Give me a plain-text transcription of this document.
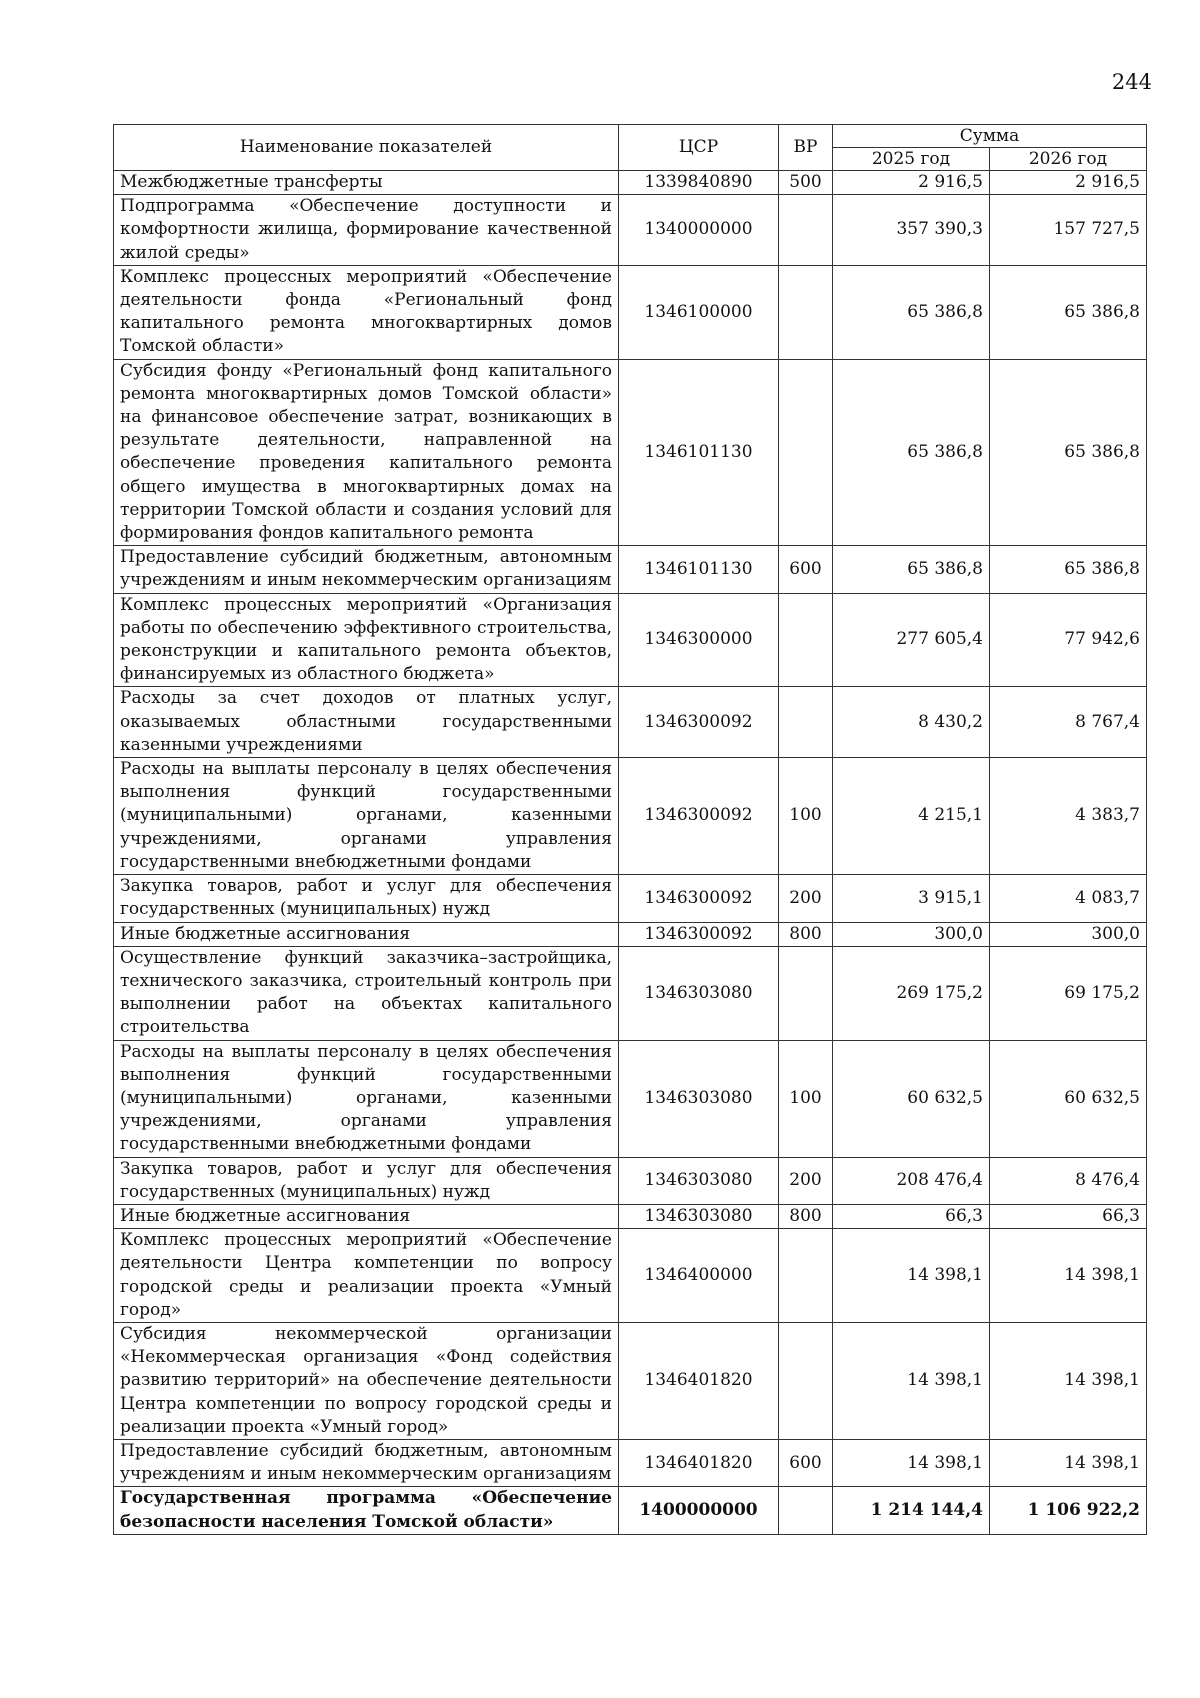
244
Наименование показателей	ЦСР	ВР	Сумма	
			2025 год	2026 год
Межбюджетные трансферты	1339840890	500	2 916,5	2 916,5
Подпрограмма «Обеспечение доступности и комфортности жилища, формирование качественной жилой среды»	1340000000		357 390,3	157 727,5
Комплекс процессных мероприятий «Обеспечение деятельности фонда «Региональный фонд капитального ремонта многоквартирных домов Томской области»	1346100000		65 386,8	65 386,8
Субсидия фонду «Региональный фонд капитального ремонта многоквартирных домов Томской области» на финансовое обеспечение затрат, возникающих в результате деятельности, направленной на обеспечение проведения капитального ремонта общего имущества в многоквартирных домах на территории Томской области и создания условий для формирования фондов капитального ремонта	1346101130		65 386,8	65 386,8
Предоставление субсидий бюджетным, автономным учреждениям и иным некоммерческим организациям	1346101130	600	65 386,8	65 386,8
Комплекс процессных мероприятий «Организация работы по обеспечению эффективного строительства, реконструкции и капитального ремонта объектов, финансируемых из областного бюджета»	1346300000		277 605,4	77 942,6
Расходы за счет доходов от платных услуг, оказываемых областными государственными казенными учреждениями	1346300092		8 430,2	8 767,4
Расходы на выплаты персоналу в целях обеспечения выполнения функций государственными (муниципальными) органами, казенными учреждениями, органами управления государственными внебюджетными фондами	1346300092	100	4 215,1	4 383,7
Закупка товаров, работ и услуг для обеспечения государственных (муниципальных) нужд	1346300092	200	3 915,1	4 083,7
Иные бюджетные ассигнования	1346300092	800	300,0	300,0
Осуществление функций заказчика–застройщика, технического заказчика, строительный контроль при выполнении работ на объектах капитального строительства	1346303080		269 175,2	69 175,2
Расходы на выплаты персоналу в целях обеспечения выполнения функций государственными (муниципальными) органами, казенными учреждениями, органами управления государственными внебюджетными фондами	1346303080	100	60 632,5	60 632,5
Закупка товаров, работ и услуг для обеспечения государственных (муниципальных) нужд	1346303080	200	208 476,4	8 476,4
Иные бюджетные ассигнования	1346303080	800	66,3	66,3
Комплекс процессных мероприятий «Обеспечение деятельности Центра компетенции по вопросу городской среды и реализации проекта «Умный город»	1346400000		14 398,1	14 398,1
Субсидия некоммерческой организации «Некоммерческая организация «Фонд содействия развитию территорий» на обеспечение деятельности Центра компетенции по вопросу городской среды и реализации проекта «Умный город»	1346401820		14 398,1	14 398,1
Предоставление субсидий бюджетным, автономным учреждениям и иным некоммерческим организациям	1346401820	600	14 398,1	14 398,1
Государственная программа «Обеспечение безопасности населения Томской области»	1400000000		1 214 144,4	1 106 922,2
